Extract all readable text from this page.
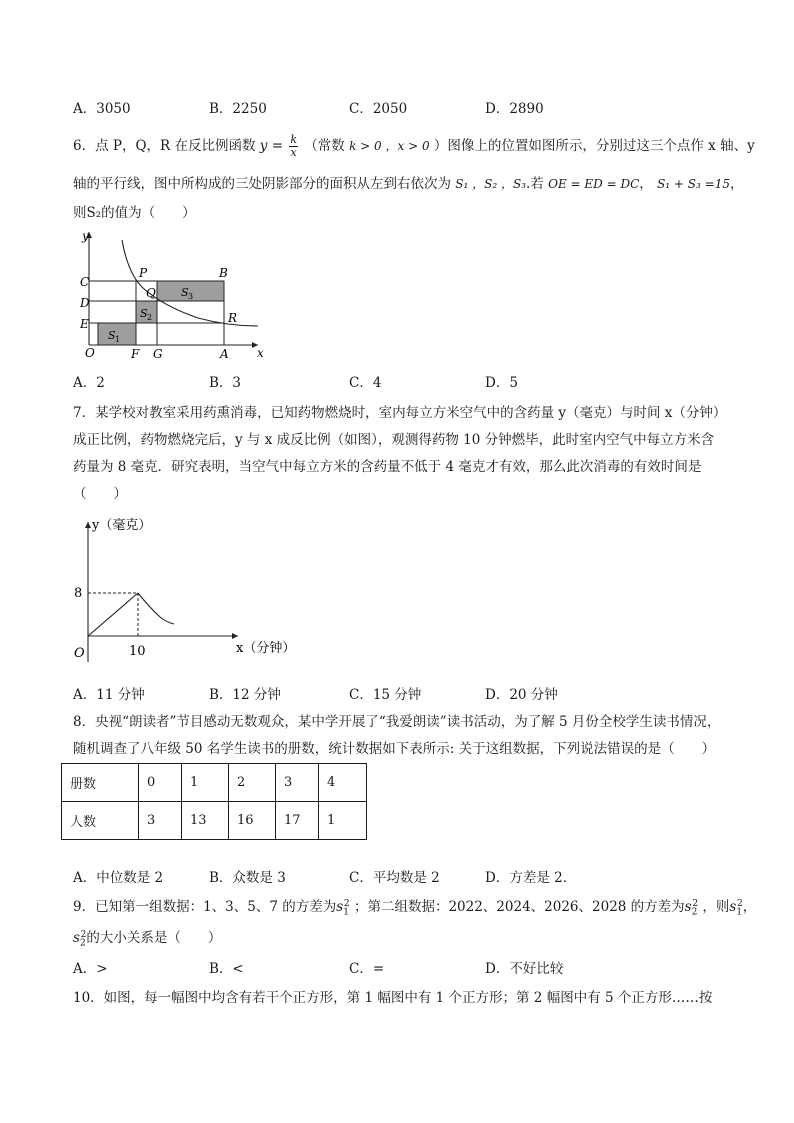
A．3050	B．2250	C．2050	D．2890
6．点 P，Q，R 在反比例函数 $y = \frac{k}{x}$ （常数 k > 0 ，x > 0 ）图像上的位置如图所示，分别过这三个点作 x 轴、y
轴的平行线，图中所构成的三处阴影部分的面积从左到右依次为 S₁ ，S₂ ，S₃.若 OE = ED = DC， S₁ + S₃ =15，
则S₂的值为（　　）
y
x
O
C
D
E
F G	A
P
Q
R
B
S 1
S 2
S 3
A．2	B．3	C．4	D．5
7．某学校对教室采用药熏消毒，已知药物燃烧时，室内每立方米空气中的含药量 y（毫克）与时间 x（分钟）
成正比例，药物燃烧完后，y 与 x 成反比例（如图），观测得药物 10 分钟燃毕，此时室内空气中每立方米含
药量为 8 毫克．研究表明，当空气中每立方米的含药量不低于 4 毫克才有效，那么此次消毒的有效时间是
（　　）
y（毫克）
x（分钟）
O
8
10
A．11 分钟	B．12 分钟	C．15 分钟	D．20 分钟
8．央视“朗读者”节目感动无数观众，某中学开展了“我爱朗读”读书活动，为了解 5 月份全校学生读书情况，
随机调查了八年级 50 名学生读书的册数，统计数据如下表所示: 关于这组数据，下列说法错误的是（　　）
册数	0	1	2	3	4
人数	3	13	16	17	1
A．中位数是 2	B．众数是 3	C．平均数是 2	D．方差是 2．
9．已知第一组数据：1、3、5、7 的方差为$s_1^2$ ；第二组数据：2022、2024、2026、2028 的方差为$s_2^2$ ，则$s_1^2$，
$s_2^2$的大小关系是（　　）
A．>	B．<	C．=	D．不好比较
10．如图，每一幅图中均含有若干个正方形，第 1 幅图中有 1 个正方形；第 2 幅图中有 5 个正方形……按
